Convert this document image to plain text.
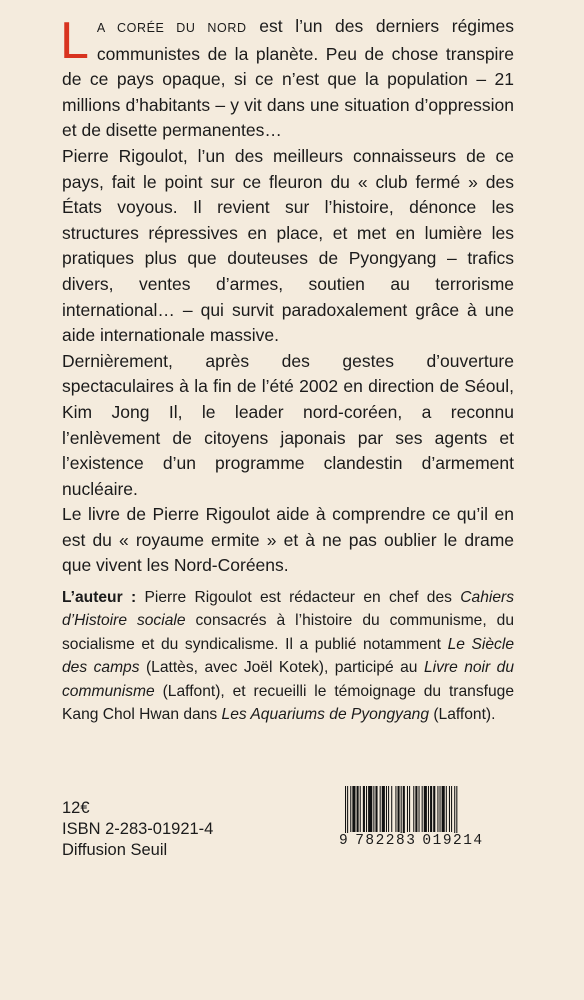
L A CORÉE DU NORD est l’un des derniers régimes communistes de la planète. Peu de chose transpire de ce pays opaque, si ce n’est que la population – 21 millions d’habitants – y vit dans une situation d’oppression et de disette permanentes…

Pierre Rigoulot, l’un des meilleurs connaisseurs de ce pays, fait le point sur ce fleuron du « club fermé » des États voyous. Il revient sur l’histoire, dénonce les structures répressives en place, et met en lumière les pratiques plus que douteuses de Pyongyang – trafics divers, ventes d’armes, soutien au terrorisme international… – qui survit paradoxalement grâce à une aide internationale massive.

Dernièrement, après des gestes d’ouverture spectaculaires à la fin de l’été 2002 en direction de Séoul, Kim Jong Il, le leader nord-coréen, a reconnu l’enlèvement de citoyens japonais par ses agents et l’existence d’un programme clandestin d’armement nucléaire.

Le livre de Pierre Rigoulot aide à comprendre ce qu’il en est du « royaume ermite » et à ne pas oublier le drame que vivent les Nord-Coréens.

L’auteur : Pierre Rigoulot est rédacteur en chef des Cahiers d’Histoire sociale consacrés à l’histoire du communisme, du socialisme et du syndicalisme. Il a publié notamment Le Siècle des camps (Lattès, avec Joël Kotek), participé au Livre noir du communisme (Laffont), et recueilli le témoignage du transfuge Kang Chol Hwan dans Les Aquariums de Pyongyang (Laffont).

12€
ISBN 2-283-01921-4
Diffusion Seuil	9 782283 019214
